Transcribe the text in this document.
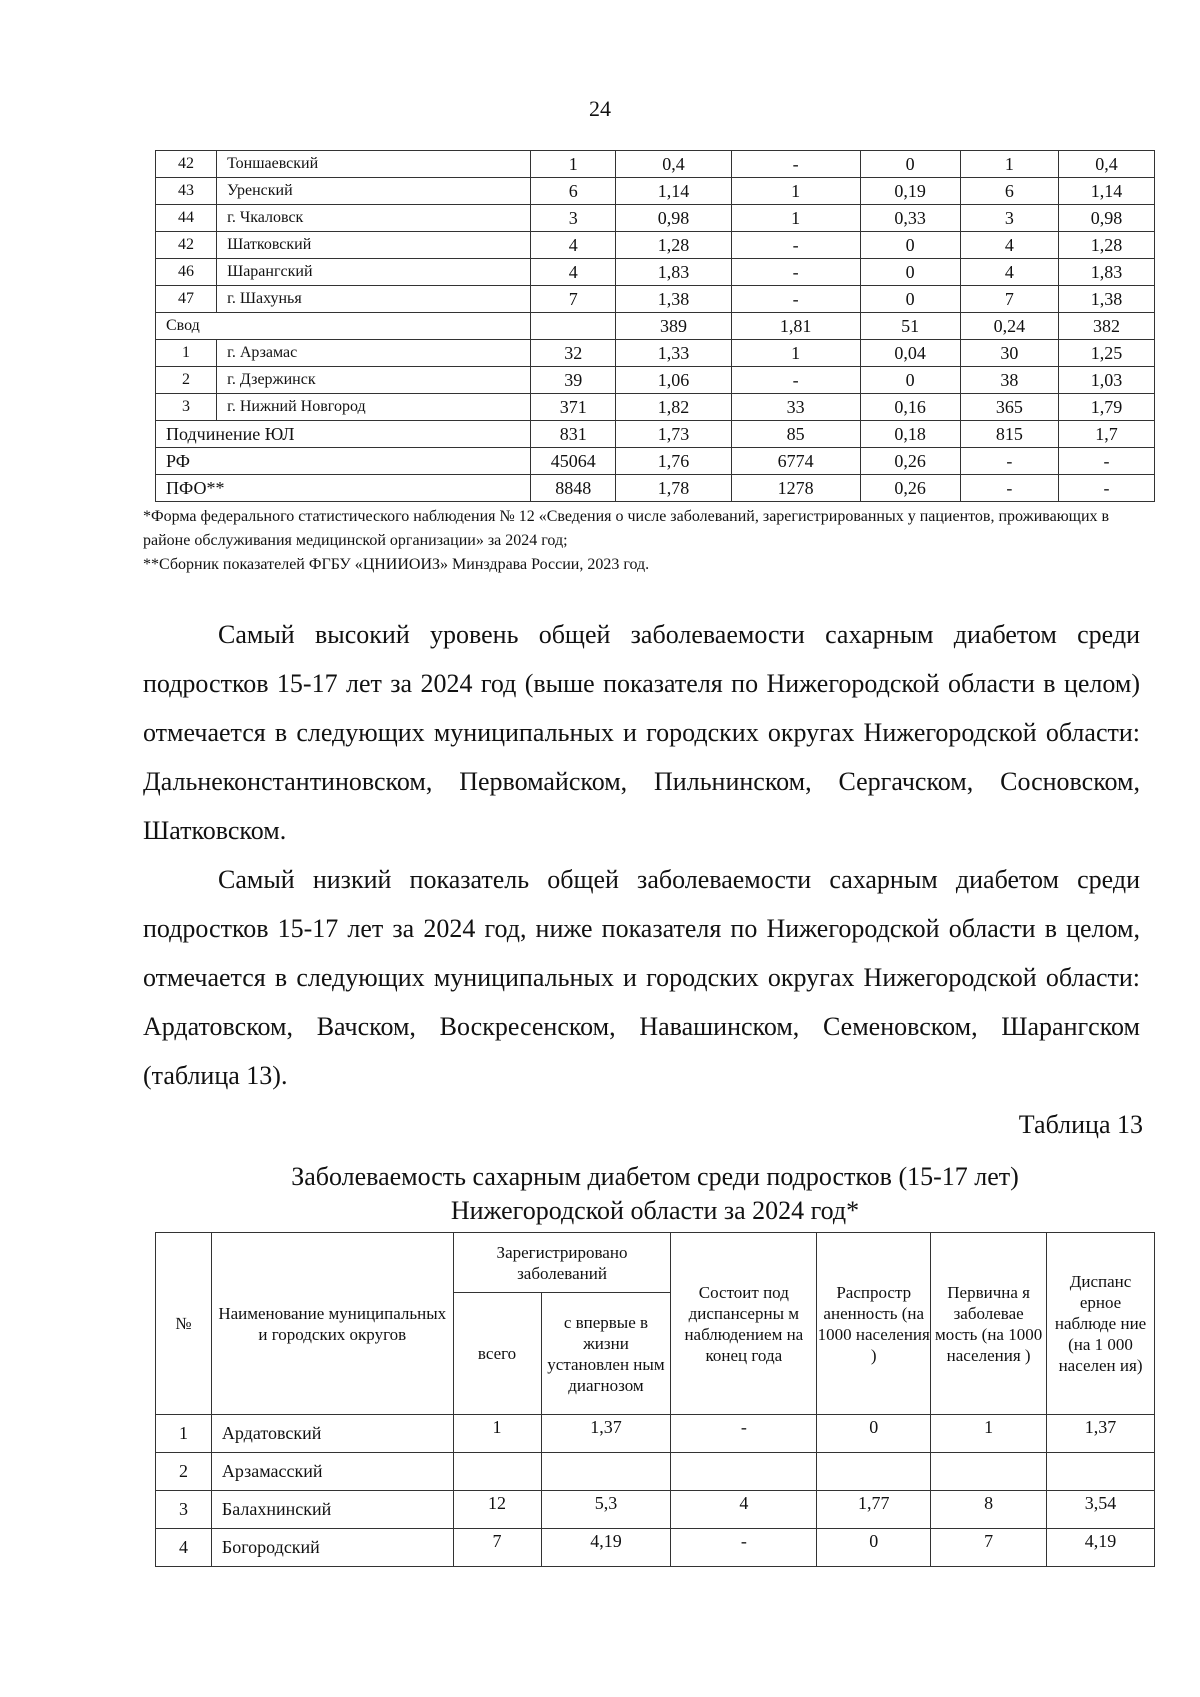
24
42	Тоншаевский	1	0,4	-	0	1	0,4
43	Уренский	6	1,14	1	0,19	6	1,14
44	г. Чкаловск	3	0,98	1	0,33	3	0,98
42	Шатковский	4	1,28	-	0	4	1,28
46	Шарангский	4	1,83	-	0	4	1,83
47	г. Шахунья	7	1,38	-	0	7	1,38
Свод			389	1,81	51	0,24	382
1	г. Арзамас	32	1,33	1	0,04	30	1,25
2	г. Дзержинск	39	1,06	-	0	38	1,03
3	г. Нижний Новгород	371	1,82	33	0,16	365	1,79
Подчинение ЮЛ		831	1,73	85	0,18	815	1,7
РФ		45064	1,76	6774	0,26	-	-
ПФО**		8848	1,78	1278	0,26	-	-

*Форма федерального статистического наблюдения № 12 «Сведения о числе заболеваний, зарегистрированных у пациентов, проживающих в районе обслуживания медицинской организации» за 2024 год;

**Сборник показателей ФГБУ «ЦНИИОИЗ» Минздрава России, 2023 год.

Самый высокий уровень общей заболеваемости сахарным диабетом среди подростков 15-17 лет за 2024 год (выше показателя по Нижегородской области в целом) отмечается в следующих муниципальных и городских округах Нижегородской области: Дальнеконстантиновском, Первомайском, Пильнинском, Сергачском, Сосновском, Шатковском.

Самый низкий показатель общей заболеваемости сахарным диабетом среди подростков 15-17 лет за 2024 год, ниже показателя по Нижегородской области в целом, отмечается в следующих муниципальных и городских округах Нижегородской области: Ардатовском, Вачском, Воскресенском, Навашинском, Семеновском, Шарангском (таблица 13).

Таблица 13
Заболеваемость сахарным диабетом среди подростков (15-17 лет)
Нижегородской области за 2024 год*
№	Наименование муниципальных и городских округов	Зарегистрировано заболеваний		Состоит под диспансерны м наблюдением на конец года	Распростр аненность (на 1000 населения )	Первична я заболевае мость (на 1000 населения )	Диспанс ерное наблюде ние (на 1 000 населен ия)
		всего	с впервые в жизни установлен ным диагнозом				
1	Ардатовский	1	1,37	-	0	1	1,37
2	Арзамасский						
3	Балахнинский	12	5,3	4	1,77	8	3,54
4	Богородский	7	4,19	-	0	7	4,19
